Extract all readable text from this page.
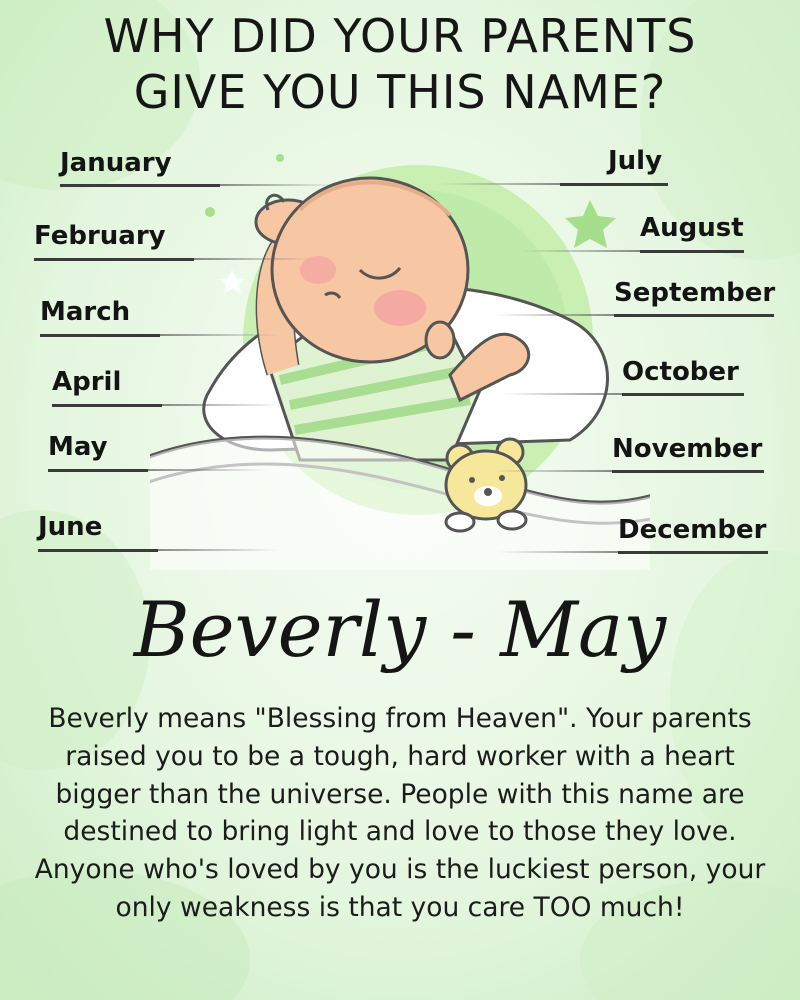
WHY DID YOUR PARENTS
GIVE YOU THIS NAME?
January
February
March
April
May
June
July
August
September
October
November
December
Beverly - May

Beverly means "Blessing from Heaven". Your parents raised you to be a tough, hard worker with a heart bigger than the universe. People with this name are destined to bring light and love to those they love. Anyone who's loved by you is the luckiest person, your only weakness is that you care TOO much!
